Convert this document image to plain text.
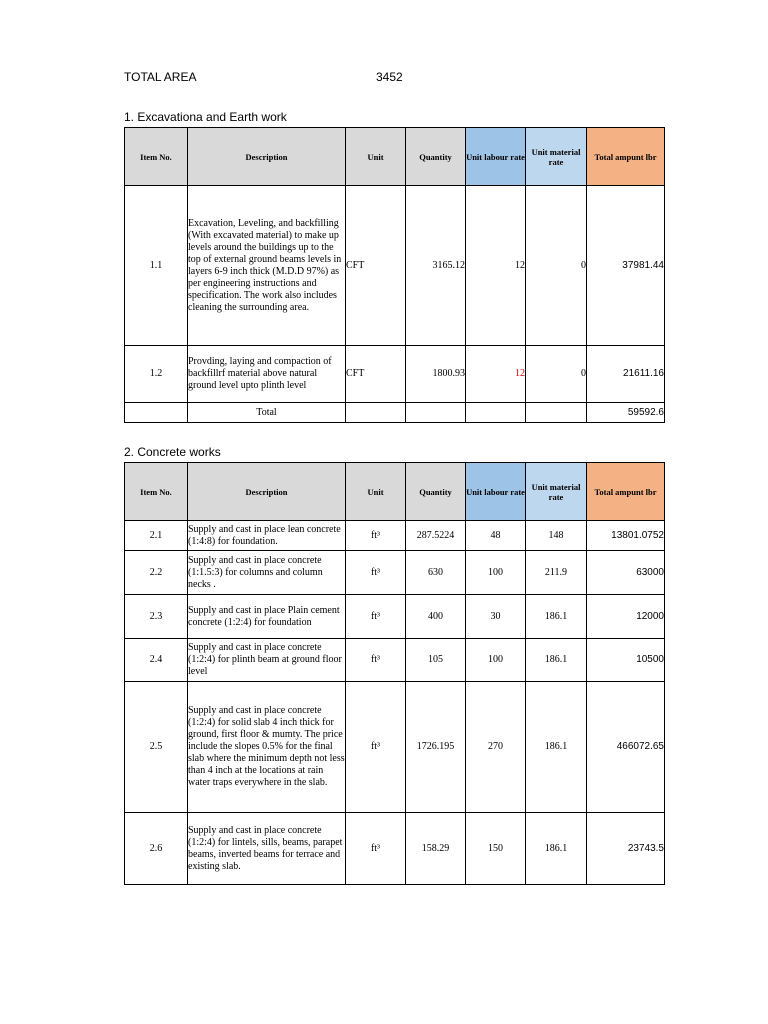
TOTAL AREA	3452
1. Excavationa and Earth work
Item No.	Description	Unit	Quantity	Unit labour rate	Unit material rate	Total ampunt lbr
1.1	Excavation, Leveling, and backfilling (With excavated material) to make up levels around the buildings up to the top of external ground beams levels in layers 6-9 inch thick (M.D.D 97%) as per engineering instructions and specification. The work also includes cleaning the surrounding area.	CFT	3165.12	12	0	37981.44
1.2	Provding, laying and compaction of backfillrf material above natural ground level upto plinth level	CFT	1800.93	12	0	21611.16
	Total					59592.6
2. Concrete works
Item No.	Description	Unit	Quantity	Unit labour rate	Unit material rate	Total ampunt lbr
2.1	Supply and cast in place lean concrete (1:4:8) for foundation.	ft³	287.5224	48	148	13801.0752
2.2	Supply and cast in place concrete (1:1.5:3) for columns and column necks .	ft³	630	100	211.9	63000
2.3	Supply and cast in place Plain cement concrete (1:2:4) for foundation	ft³	400	30	186.1	12000
2.4	Supply and cast in place concrete (1:2:4) for plinth beam at ground floor level	ft³	105	100	186.1	10500
2.5	Supply and cast in place concrete (1:2:4) for solid slab 4 inch thick for ground, first floor & mumty. The price include the slopes 0.5% for the final slab where the minimum depth not less than 4 inch at the locations at rain water traps everywhere in the slab.	ft³	1726.195	270	186.1	466072.65
2.6	Supply and cast in place concrete (1:2:4) for lintels, sills, beams, parapet beams, inverted beams for terrace and existing slab.	ft³	158.29	150	186.1	23743.5
